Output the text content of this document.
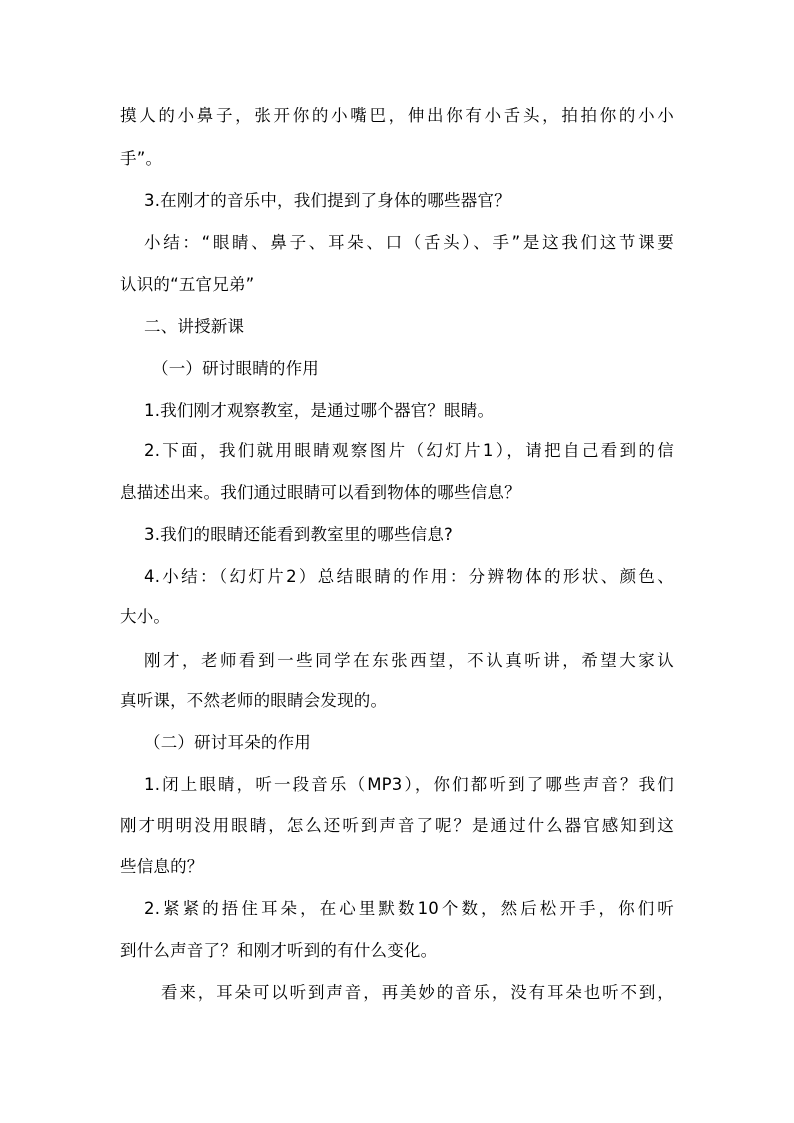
摸人的小鼻子，张开你的小嘴巴，伸出你有小舌头，拍拍你的小小
手”。
3.在刚才的音乐中，我们提到了身体的哪些器官？
小结：“眼睛、鼻子、耳朵、口（舌头）、手”是这我们这节课要
认识的“五官兄弟”
二、讲授新课
（一）研讨眼睛的作用
1.我们刚才观察教室，是通过哪个器官？眼睛。
2.下面，我们就用眼睛观察图片（幻灯片1），请把自己看到的信
息描述出来。我们通过眼睛可以看到物体的哪些信息？
3.我们的眼睛还能看到教室里的哪些信息?
4.小结：（幻灯片2）总结眼睛的作用：分辨物体的形状、颜色、
大小。
刚才，老师看到一些同学在东张西望，不认真听讲，希望大家认
真听课，不然老师的眼睛会发现的。
（二）研讨耳朵的作用
1.闭上眼睛，听一段音乐（MP3），你们都听到了哪些声音？我们
刚才明明没用眼睛，怎么还听到声音了呢？是通过什么器官感知到这
些信息的？
2.紧紧的捂住耳朵，在心里默数10个数，然后松开手，你们听
到什么声音了？和刚才听到的有什么变化。
看来，耳朵可以听到声音，再美妙的音乐，没有耳朵也听不到，
